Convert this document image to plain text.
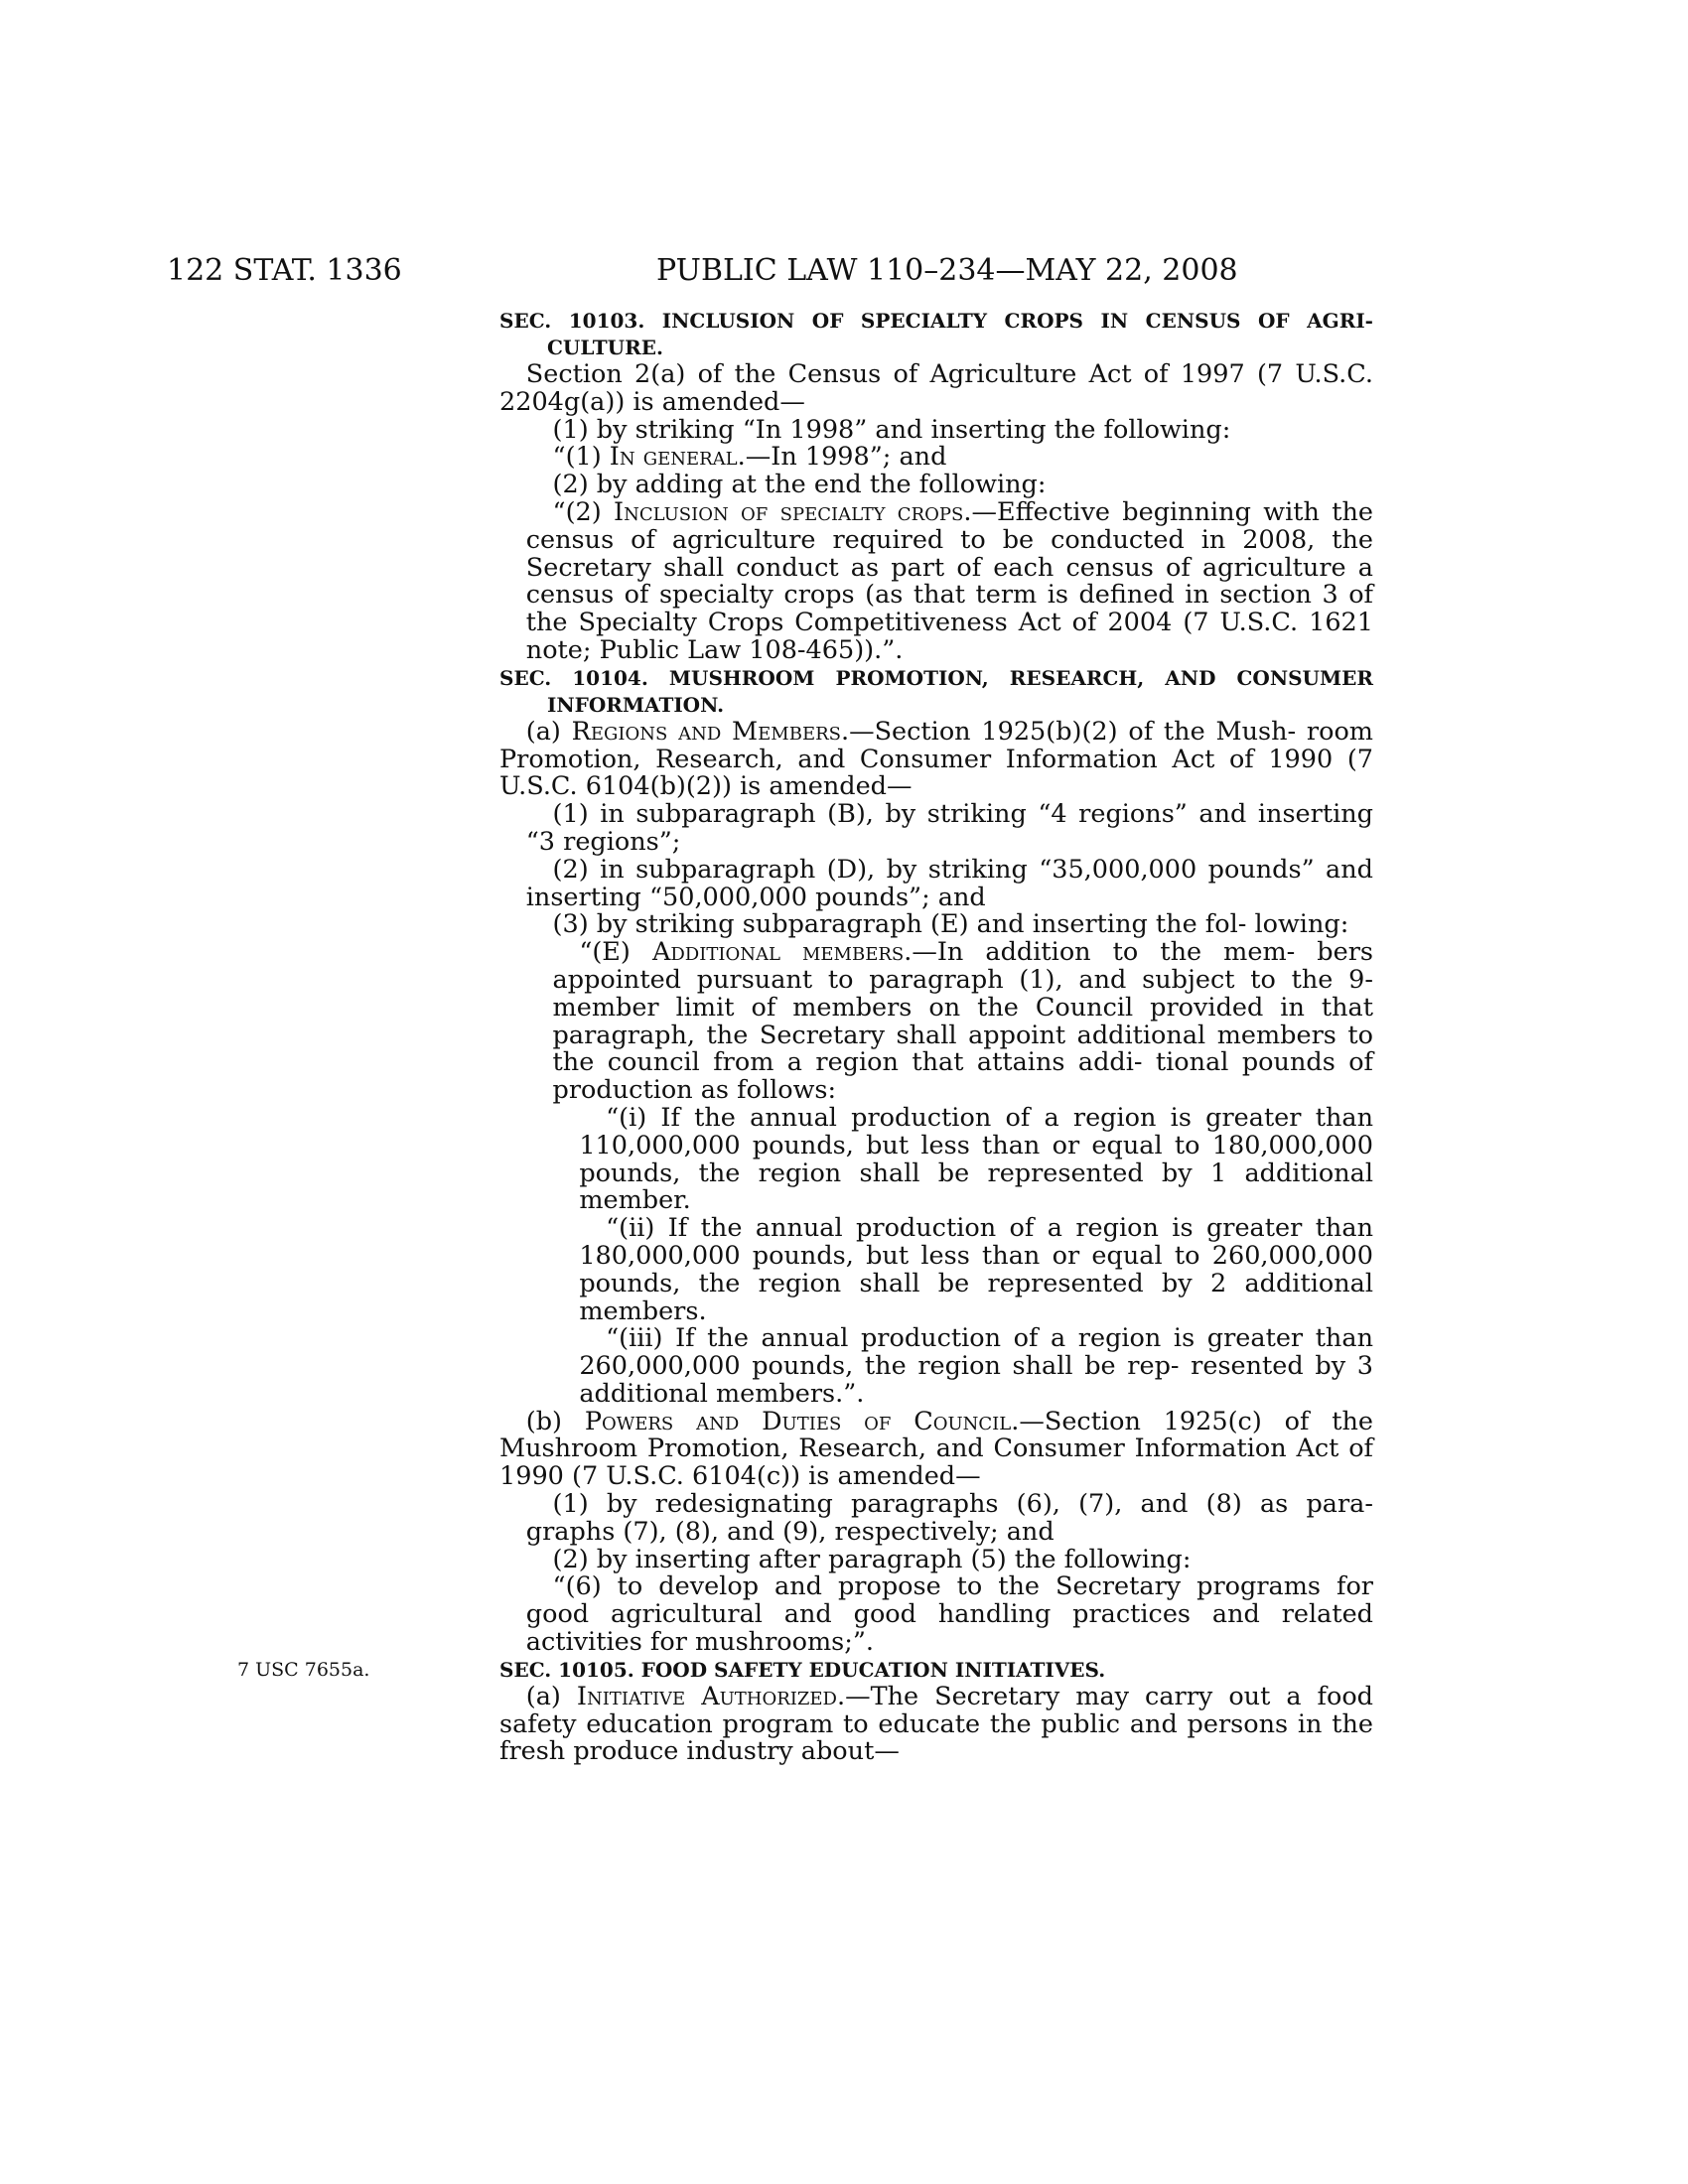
122 STAT. 1336	PUBLIC LAW 110–234—MAY 22, 2008

SEC. 10103. INCLUSION OF SPECIALTY CROPS IN CENSUS OF AGRI- CULTURE.

Section 2(a) of the Census of Agriculture Act of 1997 (7 U.S.C. 2204g(a)) is amended—

(1) by striking “In 1998” and inserting the following:

“(1) In general.—In 1998”; and

(2) by adding at the end the following:

“(2) Inclusion of specialty crops.—Effective beginning with the census of agriculture required to be conducted in 2008, the Secretary shall conduct as part of each census of agriculture a census of specialty crops (as that term is defined in section 3 of the Specialty Crops Competitiveness Act of 2004 (7 U.S.C. 1621 note; Public Law 108-465)).”.

SEC. 10104. MUSHROOM PROMOTION, RESEARCH, AND CONSUMER INFORMATION.

(a) Regions and Members.—Section 1925(b)(2) of the Mush- room Promotion, Research, and Consumer Information Act of 1990 (7 U.S.C. 6104(b)(2)) is amended—

(1) in subparagraph (B), by striking “4 regions” and inserting “3 regions”;

(2) in subparagraph (D), by striking “35,000,000 pounds” and inserting “50,000,000 pounds”; and

(3) by striking subparagraph (E) and inserting the fol- lowing:

“(E) Additional members.—In addition to the mem- bers appointed pursuant to paragraph (1), and subject to the 9-member limit of members on the Council provided in that paragraph, the Secretary shall appoint additional members to the council from a region that attains addi- tional pounds of production as follows:

“(i) If the annual production of a region is greater than 110,000,000 pounds, but less than or equal to 180,000,000 pounds, the region shall be represented by 1 additional member.

“(ii) If the annual production of a region is greater than 180,000,000 pounds, but less than or equal to 260,000,000 pounds, the region shall be represented by 2 additional members.

“(iii) If the annual production of a region is greater than 260,000,000 pounds, the region shall be rep- resented by 3 additional members.”.

(b) Powers and Duties of Council.—Section 1925(c) of the Mushroom Promotion, Research, and Consumer Information Act of 1990 (7 U.S.C. 6104(c)) is amended—

(1) by redesignating paragraphs (6), (7), and (8) as para- graphs (7), (8), and (9), respectively; and

(2) by inserting after paragraph (5) the following:

“(6) to develop and propose to the Secretary programs for good agricultural and good handling practices and related activities for mushrooms;”.

7 USC 7655a.	SEC. 10105. FOOD SAFETY EDUCATION INITIATIVES.

(a) Initiative Authorized.—The Secretary may carry out a food safety education program to educate the public and persons in the fresh produce industry about—
